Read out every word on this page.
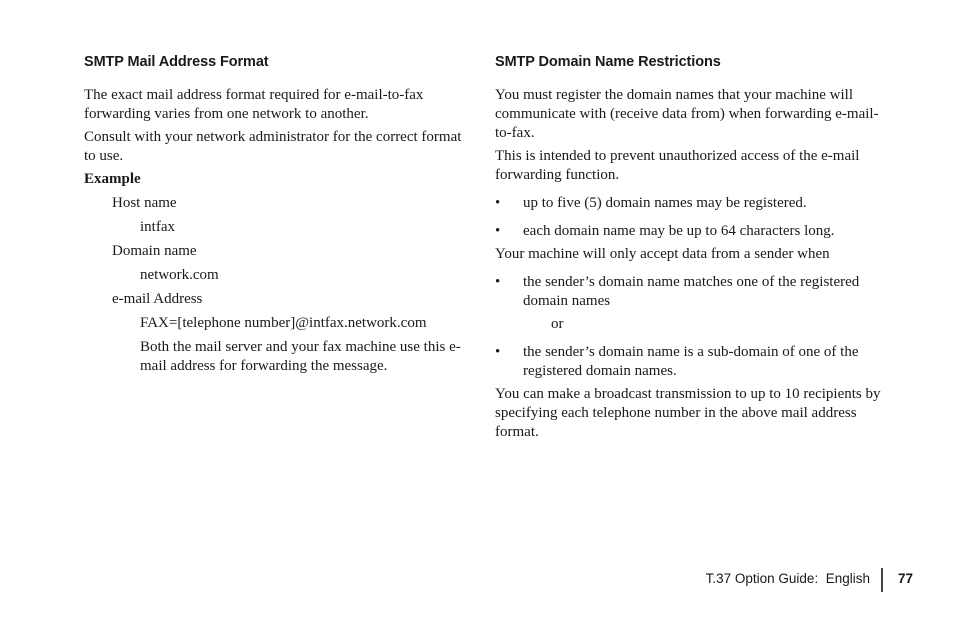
SMTP Mail Address Format

The exact mail address format required for e-mail-to-fax forwarding varies from one network to another.

Consult with your network administrator for the correct format to use.

Example

Host name

intfax

Domain name

network.com

e-mail Address

FAX=[telephone number]@intfax.network.com

Both the mail server and your fax machine use this e-mail address for forwarding the message.

SMTP Domain Name Restrictions

You must register the domain names that your machine will communicate with (receive data from) when forwarding e-mail-to-fax.

This is intended to prevent unauthorized access of the e-mail forwarding function.

•	up to five (5) domain names may be registered.
•	each domain name may be up to 64 characters long.

Your machine will only accept data from a sender when

•	the sender’s domain name matches one of the registered domain names

or

•	the sender’s domain name is a sub-domain of one of the registered domain names.

You can make a broadcast transmission to up to 10 recipients by specifying each telephone number in the above mail address format.

T.37 Option Guide: English 77
